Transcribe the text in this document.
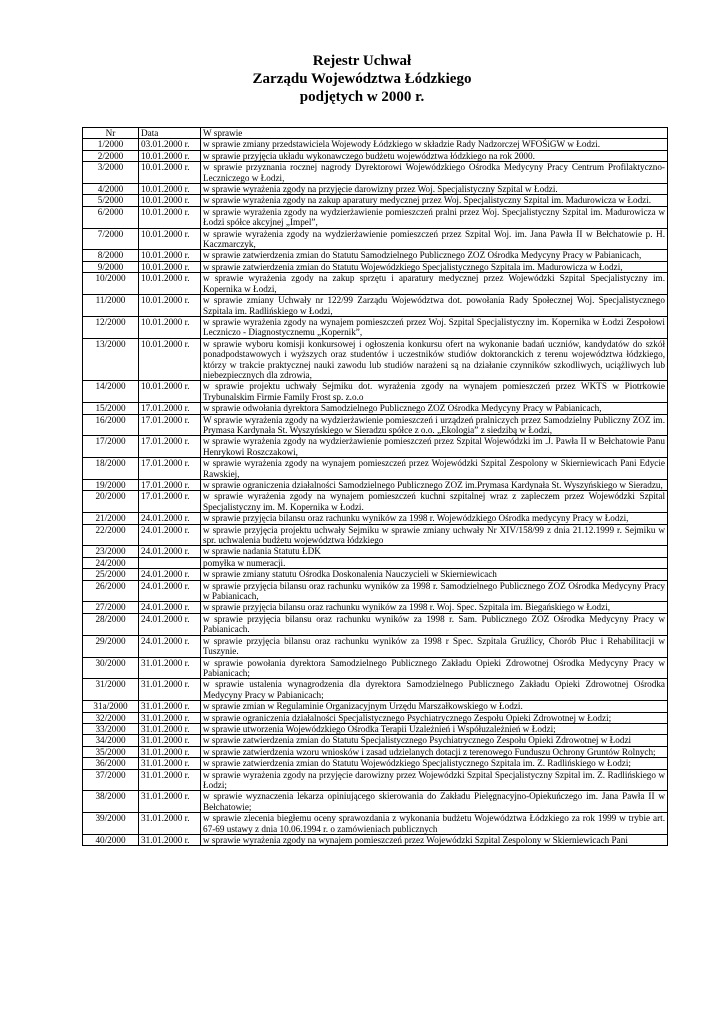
Rejestr Uchwał
Zarządu Województwa Łódzkiego
podjętych w 2000 r.
Nr	Data	W sprawie
1/2000	03.01.2000 r.	w sprawie zmiany przedstawiciela Wojewody Łódzkiego w składzie Rady Nadzorczej WFOŚiGW w Łodzi.
2/2000	10.01.2000 r.	w sprawie przyjęcia układu wykonawczego budżetu województwa łódzkiego na rok 2000.
3/2000	10.01.2000 r.	w sprawie przyznania rocznej nagrody Dyrektorowi Wojewódzkiego Ośrodka Medycyny Pracy Centrum Profilaktyczno-Leczniczego w Łodzi,
4/2000	10.01.2000 r.	w sprawie wyrażenia zgody na przyjęcie darowizny przez Woj. Specjalistyczny Szpital w Łodzi.
5/2000	10.01.2000 r.	w sprawie wyrażenia zgody na zakup aparatury medycznej przez Woj. Specjalistyczny Szpital im. Madurowicza w Łodzi.
6/2000	10.01.2000 r.	w sprawie wyrażenia zgody na wydzierżawienie pomieszczeń pralni przez Woj. Specjalistyczny Szpital im. Madurowicza w Łodzi spółce akcyjnej „Impel”,
7/2000	10.01.2000 r.	w sprawie wyrażenia zgody na wydzierżawienie pomieszczeń przez Szpital Woj. im. Jana Pawła II w Bełchatowie p. H. Kaczmarczyk,
8/2000	10.01.2000 r.	w sprawie zatwierdzenia zmian do Statutu Samodzielnego Publicznego ZOZ Ośrodka Medycyny Pracy w Pabianicach,
9/2000	10.01.2000 r.	w sprawie zatwierdzenia zmian do Statutu Wojewódzkiego Specjalistycznego Szpitala im. Madurowicza w Łodzi,
10/2000	10.01.2000 r.	w sprawie wyrażenia zgody na zakup sprzętu i aparatury medycznej przez Wojewódzki Szpital Specjalistyczny im. Kopernika w Łodzi,
11/2000	10.01.2000 r.	w sprawie zmiany Uchwały nr 122/99 Zarządu Województwa dot. powołania Rady Społecznej Woj. Specjalistycznego Szpitala im. Radlińskiego w Łodzi,
12/2000	10.01.2000 r.	w sprawie wyrażenia zgody na wynajem pomieszczeń przez Woj. Szpital Specjalistyczny im. Kopernika w Łodzi Zespołowi Leczniczo - Diagnostycznemu „Kopernik”,
13/2000	10.01.2000 r.	w sprawie wyboru komisji konkursowej i ogłoszenia konkursu ofert na wykonanie badań uczniów, kandydatów do szkół ponadpodstawowych i wyższych oraz studentów i uczestników studiów doktoranckich z terenu województwa łódzkiego, którzy w trakcie praktycznej nauki zawodu lub studiów narażeni są na działanie czynników szkodliwych, uciążliwych lub niebezpiecznych dla zdrowia,
14/2000	10.01.2000 r.	w sprawie projektu uchwały Sejmiku dot. wyrażenia zgody na wynajem pomieszczeń przez WKTS w Piotrkowie Trybunalskim Firmie Family Frost sp. z.o.o
15/2000	17.01.2000 r.	w sprawie odwołania dyrektora Samodzielnego Publicznego ZOZ Ośrodka Medycyny Pracy w Pabianicach,
16/2000	17.01.2000 r.	W sprawie wyrażenia zgody na wydzierżawienie pomieszczeń i urządzeń pralniczych przez Samodzielny Publiczny ZOZ im. Prymasa Kardynała St. Wyszyńskiego w Sieradzu spółce z o.o. „Ekologia” z siedzibą w Łodzi,
17/2000	17.01.2000 r.	w sprawie wyrażenia zgody na wydzierżawienie pomieszczeń przez Szpital Wojewódzki im .J. Pawła II w Bełchatowie Panu Henrykowi Roszczakowi,
18/2000	17.01.2000 r.	w sprawie wyrażenia zgody na wynajem pomieszczeń przez Wojewódzki Szpital Zespolony w Skierniewicach Pani Edycie Rawskiej,
19/2000	17.01.2000 r.	w sprawie ograniczenia działalności Samodzielnego Publicznego ZOZ im.Prymasa Kardynała St. Wyszyńskiego w Sieradzu,
20/2000	17.01.2000 r.	w sprawie wyrażenia zgody na wynajem pomieszczeń kuchni szpitalnej wraz z zapleczem przez Wojewódzki Szpital Specjalistyczny im. M. Kopernika w Łodzi.
21/2000	24.01.2000 r.	w sprawie przyjęcia bilansu oraz rachunku wyników za 1998 r. Wojewódzkiego Ośrodka medycyny Pracy w Łodzi,
22/2000	24.01.2000 r.	w sprawie przyjęcia projektu uchwały Sejmiku w sprawie zmiany uchwały Nr XIV/158/99 z dnia 21.12.1999 r. Sejmiku w spr. uchwalenia budżetu województwa łódzkiego
23/2000	24.01.2000 r.	w sprawie nadania Statutu ŁDK
24/2000		pomyłka w numeracji.
25/2000	24.01.2000 r.	w sprawie zmiany statutu Ośrodka Doskonalenia Nauczycieli w Skierniewicach
26/2000	24.01.2000 r.	w sprawie przyjęcia bilansu oraz rachunku wyników za 1998 r. Samodzielnego Publicznego ZOZ Ośrodka Medycyny Pracy w Pabianicach,
27/2000	24.01.2000 r.	w sprawie przyjęcia bilansu oraz rachunku wyników za 1998 r. Woj. Spec. Szpitala im. Biegańskiego w Łodzi,
28/2000	24.01.2000 r.	w sprawie przyjęcia bilansu oraz rachunku wyników za 1998 r. Sam. Publicznego ZOZ Ośrodka Medycyny Pracy w Pabianicach.
29/2000	24.01.2000 r.	w sprawie przyjęcia bilansu oraz rachunku wyników za 1998 r Spec. Szpitala Gruźlicy, Chorób Płuc i Rehabilitacji w Tuszynie.
30/2000	31.01.2000 r.	w sprawie powołania dyrektora Samodzielnego Publicznego Zakładu Opieki Zdrowotnej Ośrodka Medycyny Pracy w Pabianicach;
31/2000	31.01.2000 r.	w sprawie ustalenia wynagrodzenia dla dyrektora Samodzielnego Publicznego Zakładu Opieki Zdrowotnej Ośrodka Medycyny Pracy w Pabianicach;
31a/2000	31.01.2000 r.	w sprawie zmian w Regulaminie Organizacyjnym Urzędu Marszałkowskiego w Łodzi.
32/2000	31.01.2000 r.	w sprawie ograniczenia działalności Specjalistycznego Psychiatrycznego Zespołu Opieki Zdrowotnej w Łodzi;
33/2000	31.01.2000 r.	w sprawie utworzenia Wojewódzkiego Ośrodka Terapii Uzależnień i Współuzależnień w Łodzi;
34/2000	31.01.2000 r.	w sprawie zatwierdzenia zmian do Statutu Specjalistycznego Psychiatrycznego Zespołu Opieki Zdrowotnej w Łodzi
35/2000	31.01.2000 r.	w sprawie zatwierdzenia wzoru wniosków i zasad udzielanych dotacji z terenowego Funduszu Ochrony Gruntów Rolnych;
36/2000	31.01.2000 r.	w sprawie zatwierdzenia zmian do Statutu Wojewódzkiego Specjalistycznego Szpitala im. Z. Radlińskiego w Łodzi;
37/2000	31.01.2000 r.	w sprawie wyrażenia zgody na przyjęcie darowizny przez Wojewódzki Szpital Specjalistyczny Szpital im. Z. Radlińskiego w Łodzi;
38/2000	31.01.2000 r.	w sprawie wyznaczenia lekarza opiniującego skierowania do Zakładu Pielęgnacyjno-Opiekuńczego im. Jana Pawła II w Bełchatowie;
39/2000	31.01.2000 r.	w sprawie zlecenia biegłemu oceny sprawozdania z wykonania budżetu Województwa Łódzkiego za rok 1999 w trybie art. 67-69 ustawy z dnia 10.06.1994 r. o zamówieniach publicznych
40/2000	31.01.2000 r.	w sprawie wyrażenia zgody na wynajem pomieszczeń przez Wojewódzki Szpital Zespolony w Skierniewicach Pani
